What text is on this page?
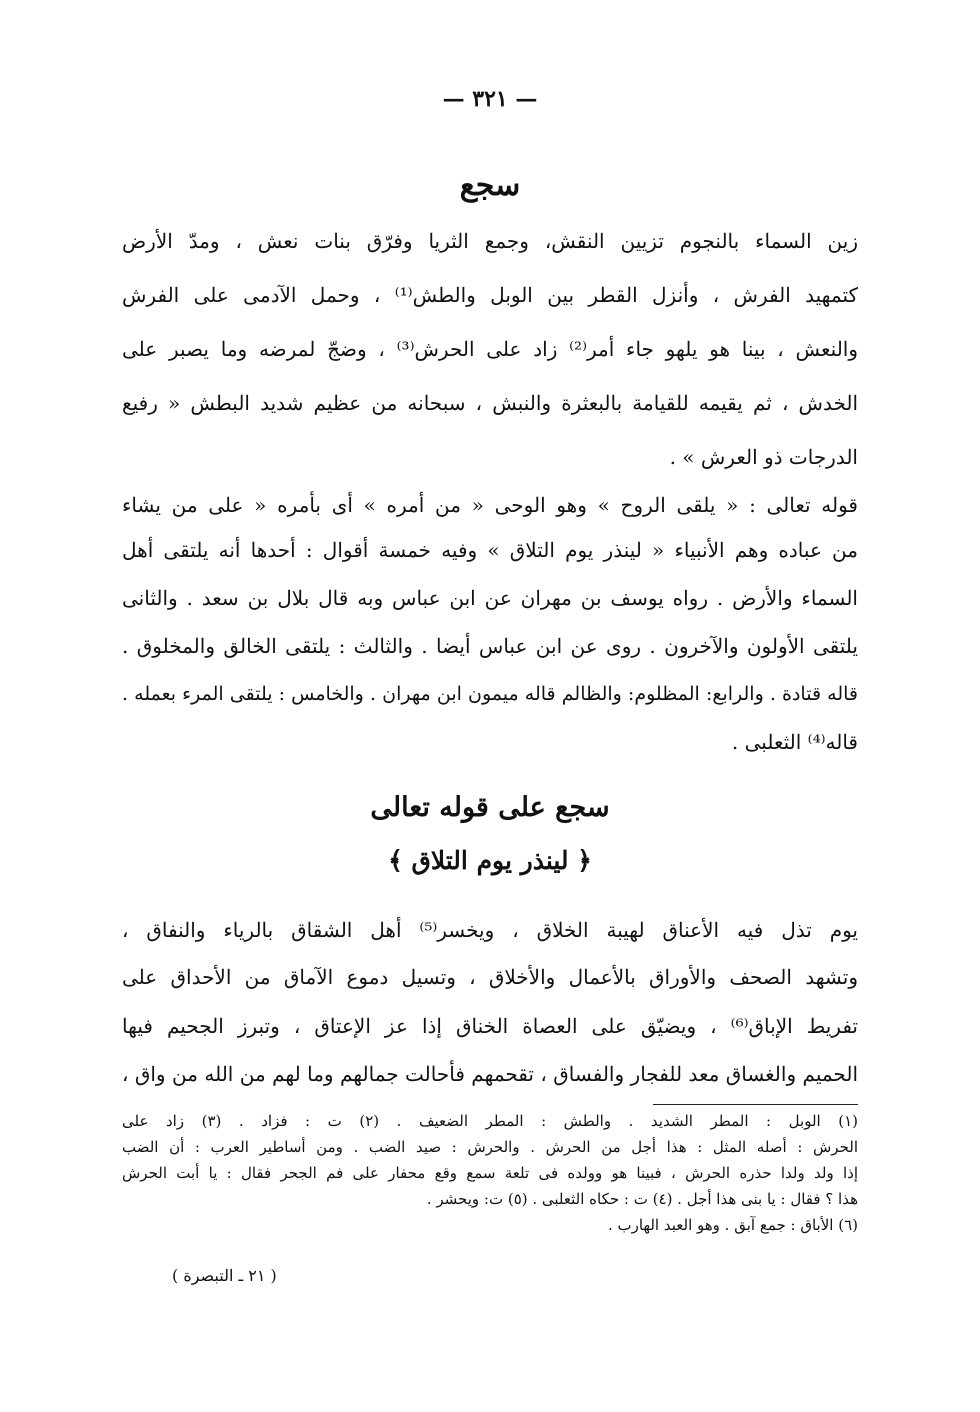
— ٣٢١ —
سجع
زين السماء بالنجوم تزيين النقش، وجمع الثريا وفرّق بنات نعش ، ومدّ الأرض
كتمهيد الفرش ، وأنزل القطر بين الوبل والطش⁽¹⁾ ، وحمل الآدمى على الفرش
والنعش ، بينا هو يلهو جاء أمر⁽²⁾ زاد على الحرش⁽³⁾ ، وضجّ لمرضه وما يصبر على
الخدش ، ثم يقيمه للقيامة بالبعثرة والنبش ، سبحانه من عظيم شديد البطش « رفيع
الدرجات ذو العرش » .
قوله تعالى : « يلقى الروح » وهو الوحى « من أمره » أى بأمره « على من يشاء
من عباده وهم الأنبياء « لينذر يوم التلاق » وفيه خمسة أقوال : أحدها أنه يلتقى أهل
السماء والأرض . رواه يوسف بن مهران عن ابن عباس وبه قال بلال بن سعد . والثانى
يلتقى الأولون والآخرون . روى عن ابن عباس أيضا . والثالث : يلتقى الخالق والمخلوق .
قاله قتادة . والرابع: المظلوم: والظالم قاله ميمون ابن مهران . والخامس : يلتقى المرء بعمله .
قاله⁽⁴⁾ الثعلبى .
سجع على قوله تعالى
﴿ لينذر يوم التلاق ﴾
يوم تذل فيه الأعناق لهيبة الخلاق ، ويخسر⁽⁵⁾ أهل الشقاق بالرياء والنفاق ،
وتشهد الصحف والأوراق بالأعمال والأخلاق ، وتسيل دموع الآماق من الأحداق على
تفريط الإباق⁽⁶⁾ ، ويضيّق على العصاة الخناق إذا عز الإعتاق ، وتبرز الجحيم فيها
الحميم والغساق معد للفجار والفساق ، تقحمهم فأحالت جمالهم وما لهم من الله من واق ،
(١) الوبل : المطر الشديد . والطش : المطر الضعيف . (٢) ت : فزاد . (٣) زاد على
الحرش : أصله المثل : هذا أجل من الحرش . والحرش : صيد الضب . ومن أساطير العرب : أن الضب
إذا ولد ولدا حذره الحرش ، فبينا هو وولده فى تلعة سمع وقع محفار على فم الجحر فقال : يا أبت الحرش
هذا ؟ فقال : يا بنى هذا أجل . (٤) ت : حكاه الثعلبى . (٥) ت: ويحشر .
(٦) الأباق : جمع آبق . وهو العبد الهارب .
( ٢١ ـ التبصرة )
